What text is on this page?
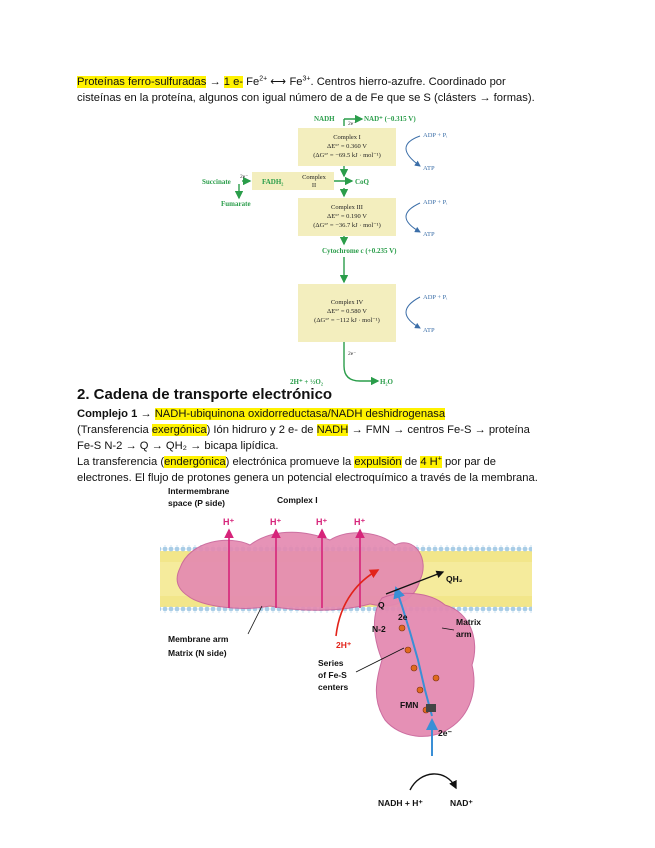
Proteínas ferro-sulfuradas → 1 e- $Fe^{2+}$ ⟷ $Fe^{3+}$. Centros hierro-azufre. Coordinado por
cisteínas en la proteína, algunos con igual número de a de Fe que se S (clásters → formas).
NADH	NAD⁺ (−0.315 V)
Succinate
Fumarate
CoQ
Cytochrome c (+0.235 V)
2H⁺ + ½O₂	H₂O
2e⁻
2e⁻
2e⁻
Complex I
ΔE°′ = 0.360 V
(ΔG°′ = −69.5 kJ · mol⁻¹)
Complex
II
Complex III
ΔE°′ = 0.190 V
(ΔG°′ = −36.7 kJ · mol⁻¹)
Complex IV
ΔE°′ = 0.580 V
(ΔG°′ = −112 kJ · mol⁻¹)
FADH₂
ADP + Pᵢ
ATP
ADP + Pᵢ
ATP
ADP + Pᵢ
ATP
2. Cadena de transporte electrónico
Complejo 1 → NADH-ubiquinona oxidorreductasa/NADH deshidrogenasa
(Transferencia exergónica) Ión hidruro y 2 e- de NADH → FMN → centros Fe-S → proteína
Fe-S N-2 → Q → QH₂ → bicapa lipídica.
La transferencia (endergónica) electrónica promueve la expulsión de 4 H+ por par de
electrones. El flujo de protones genera un potencial electroquímico a través de la membrana.
H⁺	H⁺	H⁺	H⁺
Intermembrane
space (P side)	Complex I
QH₂
Q
2e
N-2
Matrix
arm
Membrane arm
Matrix (N side)
Series
of Fe-S
centers
FMN
2e⁻
NADH + H⁺	NAD⁺
2H⁺
